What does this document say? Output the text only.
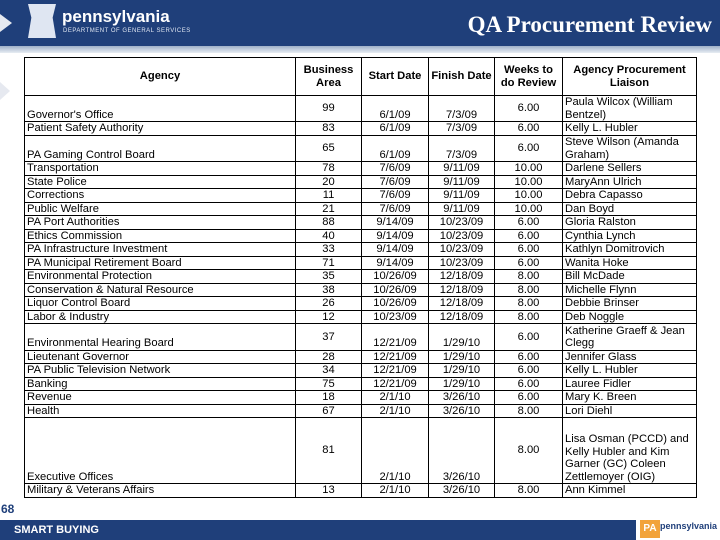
pennsylvania
DEPARTMENT OF GENERAL SERVICES	QA Procurement Review
Agency	Business Area	Start Date	Finish Date	Weeks to do Review	Agency Procurement Liaison
Governor's Office	99	6/1/09	7/3/09	6.00	Paula Wilcox (William Bentzel)
Patient Safety Authority	83	6/1/09	7/3/09	6.00	Kelly L. Hubler
PA Gaming Control Board	65	6/1/09	7/3/09	6.00	Steve Wilson (Amanda Graham)
Transportation	78	7/6/09	9/11/09	10.00	Darlene Sellers
State Police	20	7/6/09	9/11/09	10.00	MaryAnn Ulrich
Corrections	11	7/6/09	9/11/09	10.00	Debra Capasso
Public Welfare	21	7/6/09	9/11/09	10.00	Dan Boyd
PA Port Authorities	88	9/14/09	10/23/09	6.00	Gloria Ralston
Ethics Commission	40	9/14/09	10/23/09	6.00	Cynthia Lynch
PA Infrastructure Investment	33	9/14/09	10/23/09	6.00	Kathlyn Domitrovich
PA Municipal Retirement Board	71	9/14/09	10/23/09	6.00	Wanita Hoke
Environmental Protection	35	10/26/09	12/18/09	8.00	Bill McDade
Conservation & Natural Resource	38	10/26/09	12/18/09	8.00	Michelle Flynn
Liquor Control Board	26	10/26/09	12/18/09	8.00	Debbie Brinser
Labor & Industry	12	10/23/09	12/18/09	8.00	Deb Noggle
Environmental Hearing Board	37	12/21/09	1/29/10	6.00	Katherine Graeff & Jean Clegg
Lieutenant Governor	28	12/21/09	1/29/10	6.00	Jennifer Glass
PA Public Television Network	34	12/21/09	1/29/10	6.00	Kelly L. Hubler
Banking	75	12/21/09	1/29/10	6.00	Lauree Fidler
Revenue	18	2/1/10	3/26/10	6.00	Mary K. Breen
Health	67	2/1/10	3/26/10	8.00	Lori Diehl
Executive Offices	81	2/1/10	3/26/10	8.00	Lisa Osman (PCCD) and Kelly Hubler and Kim Garner (GC) Coleen Zettlemoyer (OIG)
Military & Veterans Affairs	13	2/1/10	3/26/10	8.00	Ann Kimmel
68
SMART BUYING	PA pennsylvania
